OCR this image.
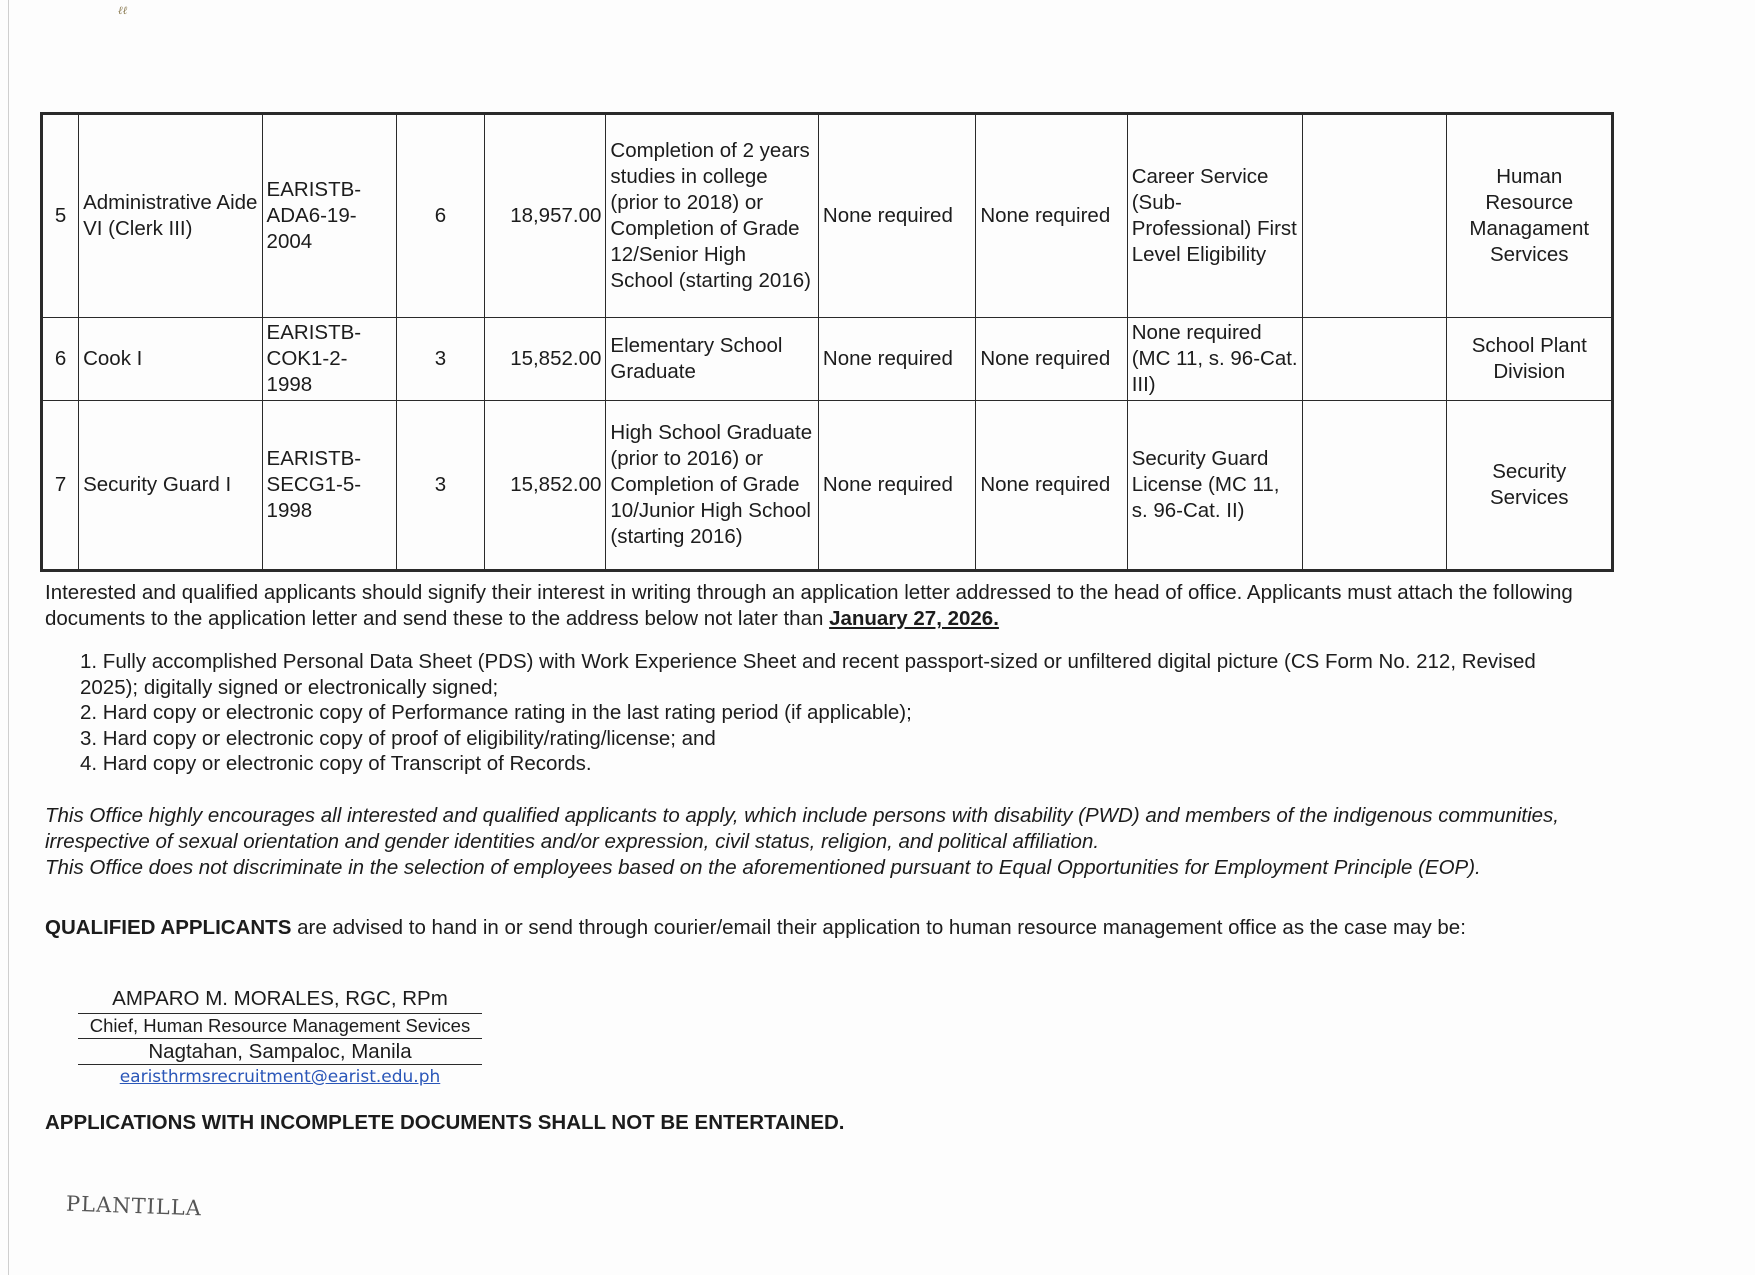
ℓℓ
5	Administrative Aide VI (Clerk III)	EARISTB-ADA6-19-2004	6	18,957.00	Completion of 2 years studies in college (prior to 2018) or Completion of Grade 12/Senior High School (starting 2016)	None required	None required	Career Service (Sub-Professional) First Level Eligibility		Human Resource Managament Services
6	Cook I	EARISTB-COK1-2-1998	3	15,852.00	Elementary School Graduate	None required	None required	None required (MC 11, s. 96-Cat. III)		School Plant Division
7	Security Guard I	EARISTB-SECG1-5-1998	3	15,852.00	High School Graduate (prior to 2016) or Completion of Grade 10/Junior High School (starting 2016)	None required	None required	Security Guard License (MC 11, s. 96-Cat. II)		Security Services
Interested and qualified applicants should signify their interest in writing through an application letter addressed to the head of office. Applicants must attach the following documents to the application letter and send these to the address below not later than January 27, 2026.
1. Fully accomplished Personal Data Sheet (PDS) with Work Experience Sheet and recent passport-sized or unfiltered digital picture (CS Form No. 212, Revised 2025); digitally signed or electronically signed;
2. Hard copy or electronic copy of Performance rating in the last rating period (if applicable);
3. Hard copy or electronic copy of proof of eligibility/rating/license; and
4. Hard copy or electronic copy of Transcript of Records.
This Office highly encourages all interested and qualified applicants to apply, which include persons with disability (PWD) and members of the indigenous communities, irrespective of sexual orientation and gender identities and/or expression, civil status, religion, and political affiliation.
This Office does not discriminate in the selection of employees based on the aforementioned pursuant to Equal Opportunities for Employment Principle (EOP).
QUALIFIED APPLICANTS are advised to hand in or send through courier/email their application to human resource management office as the case may be:
AMPARO M. MORALES, RGC, RPm
Chief, Human Resource Management Sevices
Nagtahan, Sampaloc, Manila
earisthrmsrecruitment@earist.edu.ph
APPLICATIONS WITH INCOMPLETE DOCUMENTS SHALL NOT BE ENTERTAINED.
PLANTILLA
